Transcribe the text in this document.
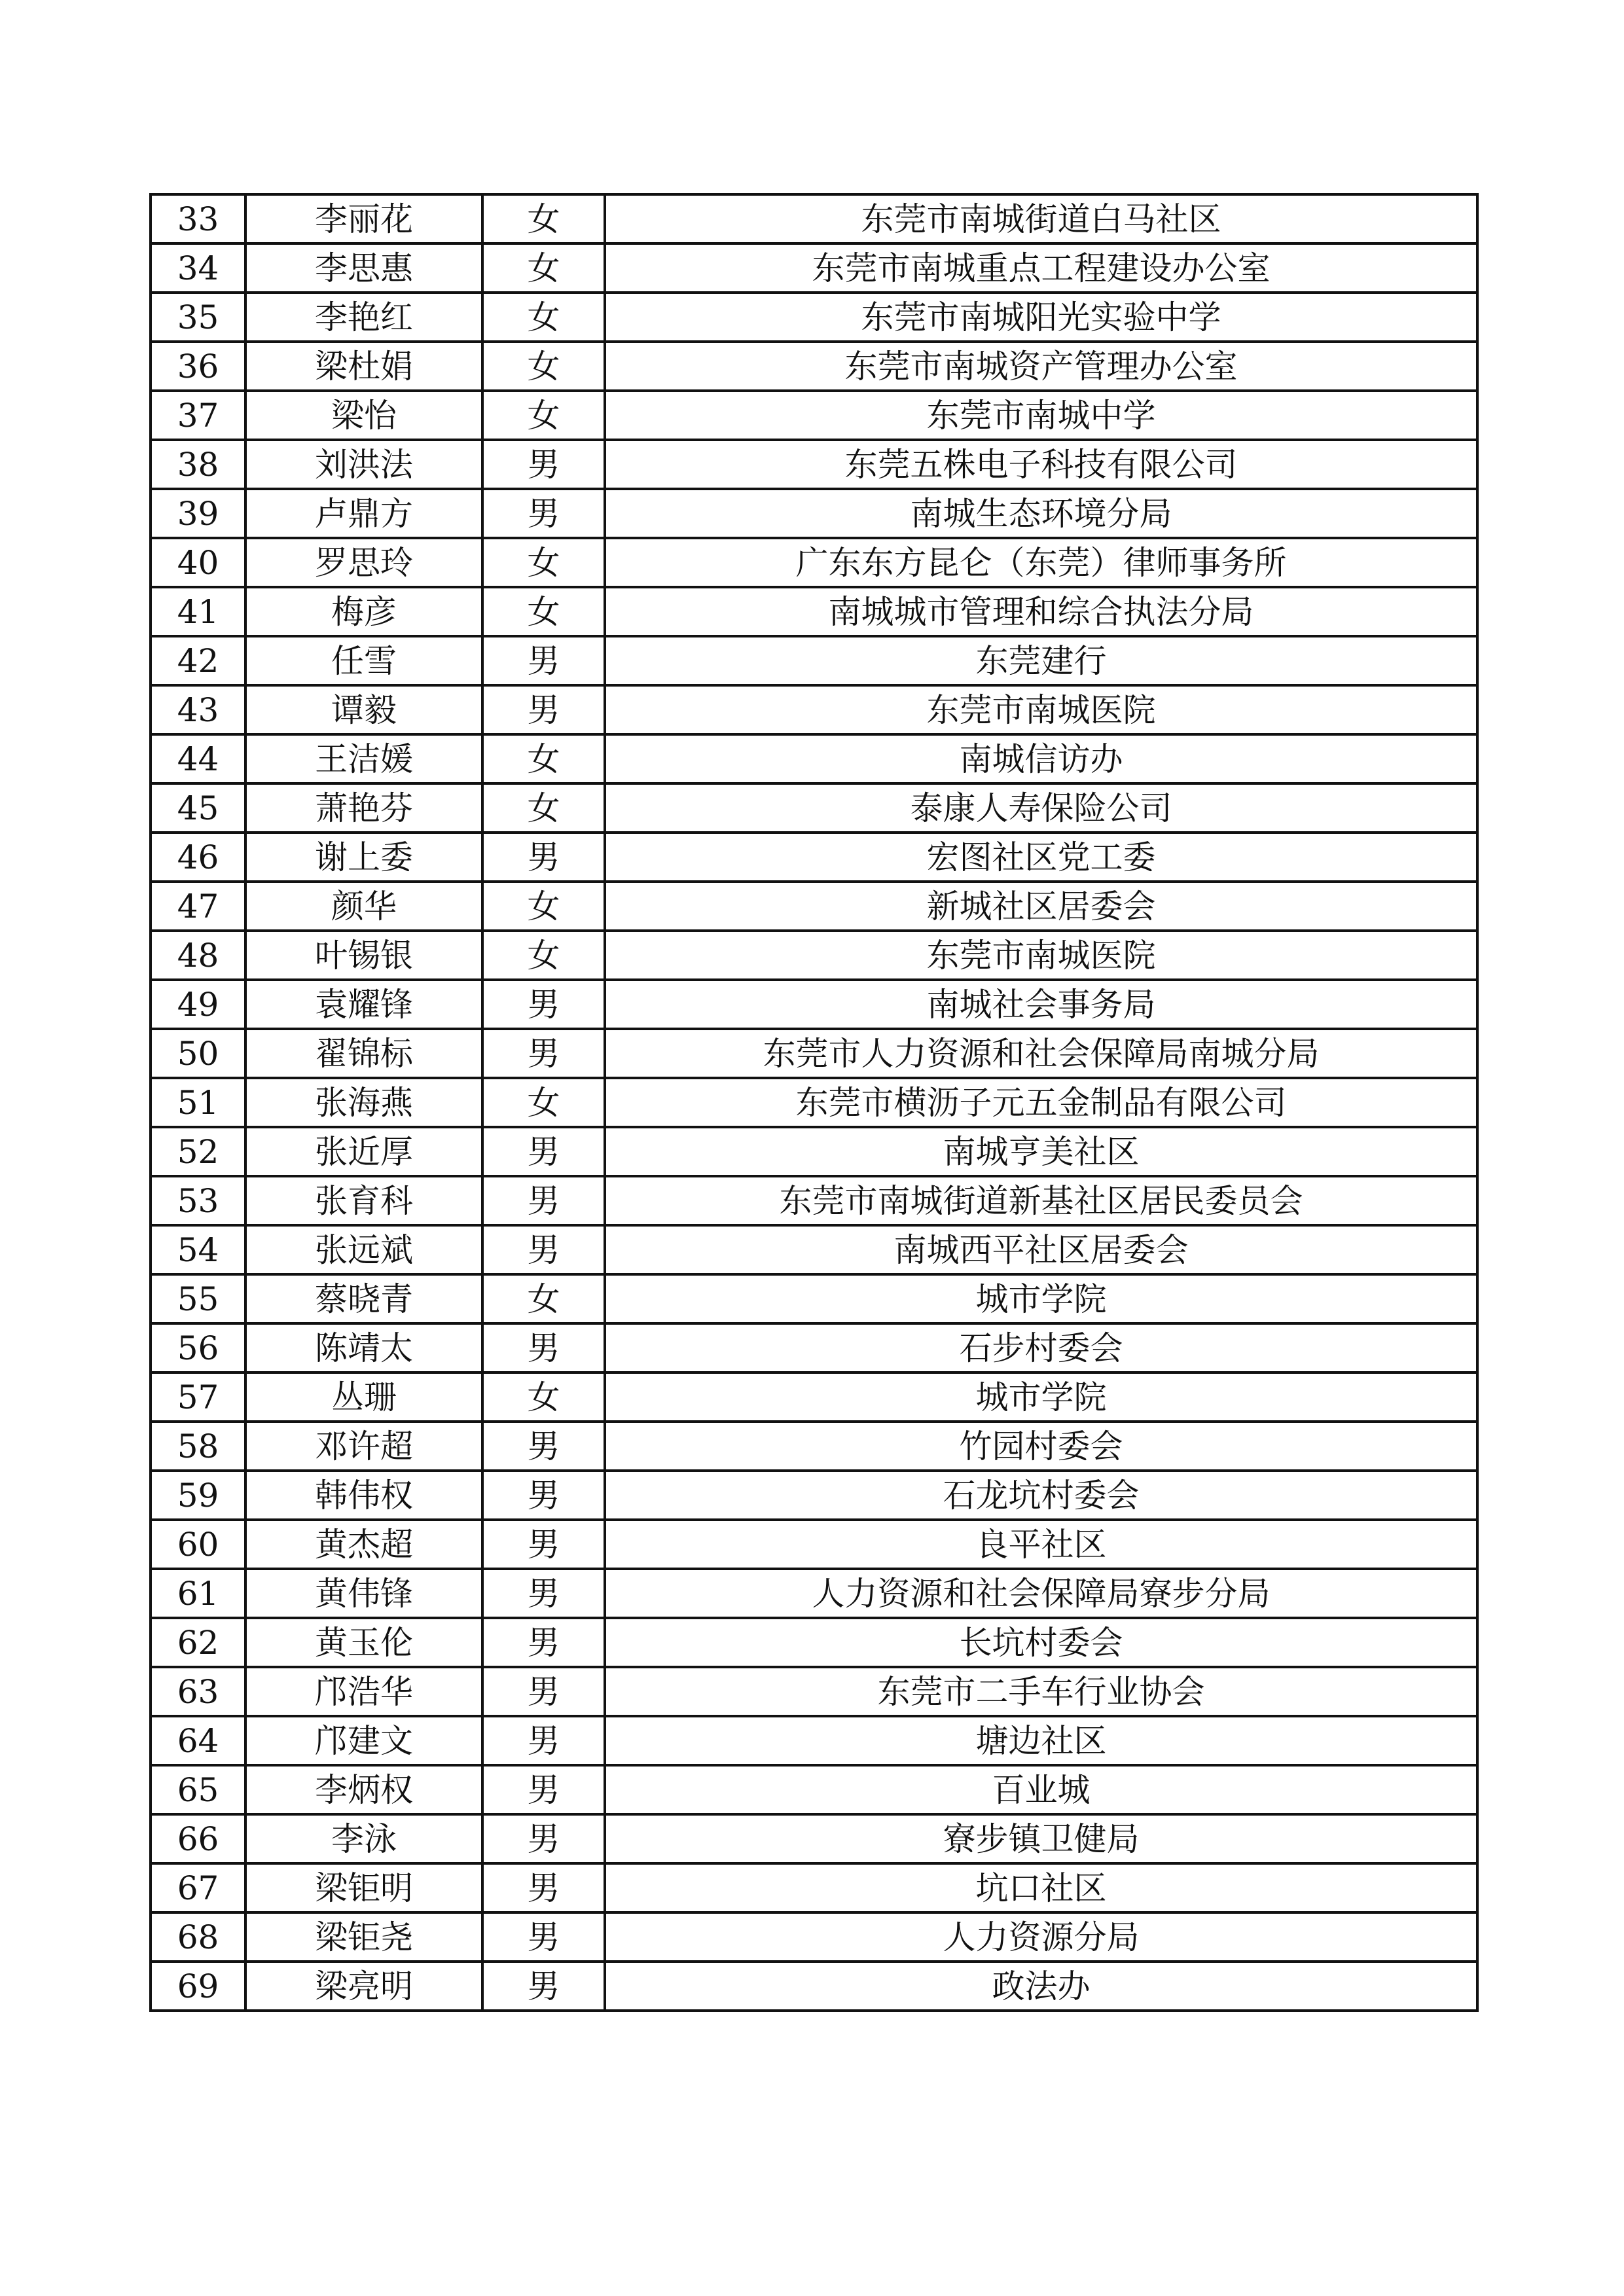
33	李丽花	女	东莞市南城街道白马社区
34	李思惠	女	东莞市南城重点工程建设办公室
35	李艳红	女	东莞市南城阳光实验中学
36	梁杜娟	女	东莞市南城资产管理办公室
37	梁怡	女	东莞市南城中学
38	刘洪法	男	东莞五株电子科技有限公司
39	卢鼎方	男	南城生态环境分局
40	罗思玲	女	广东东方昆仑（东莞）律师事务所
41	梅彦	女	南城城市管理和综合执法分局
42	任雪	男	东莞建行
43	谭毅	男	东莞市南城医院
44	王洁媛	女	南城信访办
45	萧艳芬	女	泰康人寿保险公司
46	谢上委	男	宏图社区党工委
47	颜华	女	新城社区居委会
48	叶锡银	女	东莞市南城医院
49	袁耀锋	男	南城社会事务局
50	翟锦标	男	东莞市人力资源和社会保障局南城分局
51	张海燕	女	东莞市横沥子元五金制品有限公司
52	张近厚	男	南城亨美社区
53	张育科	男	东莞市南城街道新基社区居民委员会
54	张远斌	男	南城西平社区居委会
55	蔡晓青	女	城市学院
56	陈靖太	男	石步村委会
57	丛珊	女	城市学院
58	邓许超	男	竹园村委会
59	韩伟权	男	石龙坑村委会
60	黄杰超	男	良平社区
61	黄伟锋	男	人力资源和社会保障局寮步分局
62	黄玉伦	男	长坑村委会
63	邝浩华	男	东莞市二手车行业协会
64	邝建文	男	塘边社区
65	李炳权	男	百业城
66	李泳	男	寮步镇卫健局
67	梁钜明	男	坑口社区
68	梁钜尧	男	人力资源分局
69	梁亮明	男	政法办
